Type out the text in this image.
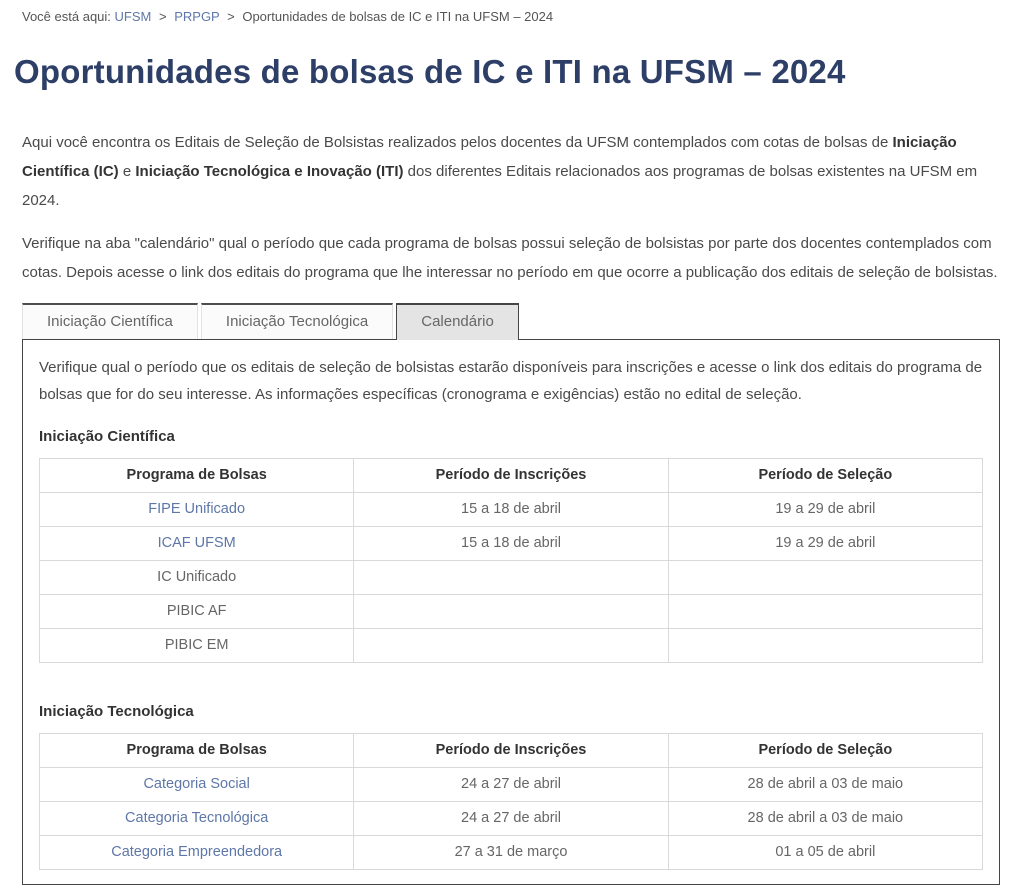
Você está aqui: UFSM > PRPGP > Oportunidades de bolsas de IC e ITI na UFSM – 2024
Oportunidades de bolsas de IC e ITI na UFSM – 2024

Aqui você encontra os Editais de Seleção de Bolsistas realizados pelos docentes da UFSM contemplados com cotas de bolsas de Iniciação Científica (IC) e Iniciação Tecnológica e Inovação (ITI) dos diferentes Editais relacionados aos programas de bolsas existentes na UFSM em 2024.

Verifique na aba "calendário" qual o período que cada programa de bolsas possui seleção de bolsistas por parte dos docentes contemplados com cotas. Depois acesse o link dos editais do programa que lhe interessar no período em que ocorre a publicação dos editais de seleção de bolsistas.

Iniciação Científica	Iniciação Tecnológica	Calendário

Verifique qual o período que os editais de seleção de bolsistas estarão disponíveis para inscrições e acesse o link dos editais do programa de bolsas que for do seu interesse. As informações específicas (cronograma e exigências) estão no edital de seleção.

Iniciação Científica
Programa de Bolsas	Período de Inscrições	Período de Seleção
FIPE Unificado	15 a 18 de abril	19 a 29 de abril
ICAF UFSM	15 a 18 de abril	19 a 29 de abril
IC Unificado		
PIBIC AF		
PIBIC EM		
Iniciação Tecnológica
Programa de Bolsas	Período de Inscrições	Período de Seleção
Categoria Social	24 a 27 de abril	28 de abril a 03 de maio
Categoria Tecnológica	24 a 27 de abril	28 de abril a 03 de maio
Categoria Empreendedora	27 a 31 de março	01 a 05 de abril
